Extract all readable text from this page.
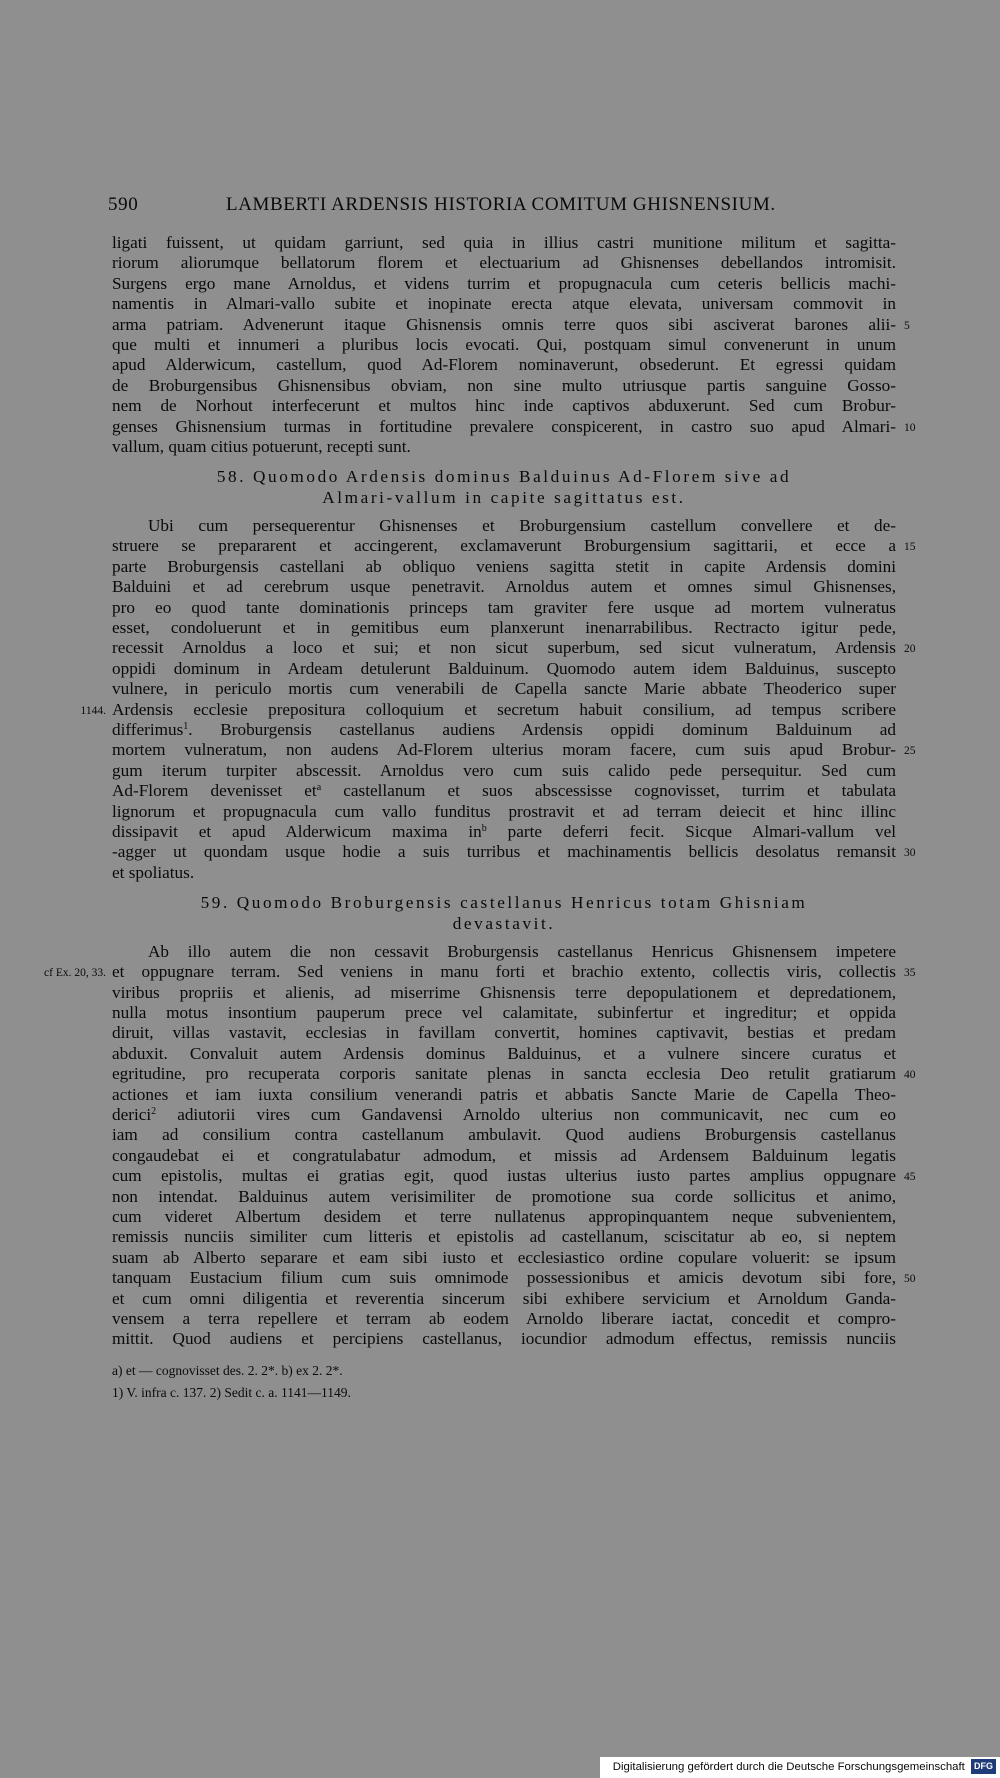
590	LAMBERTI ARDENSIS HISTORIA COMITUM GHISNENSIUM.
ligati fuissent, ut quidam garriunt, sed quia in illius castri munitione militum et sagitta-
riorum aliorumque bellatorum florem et electuarium ad Ghisnenses debellandos intromisit.
Surgens ergo mane Arnoldus, et videns turrim et propugnacula cum ceteris bellicis machi-
namentis in Almari-vallo subite et inopinate erecta atque elevata, universam commovit in
arma patriam. Advenerunt itaque Ghisnensis omnis terre quos sibi asciverat barones alii- 5
que multi et innumeri a pluribus locis evocati. Qui, postquam simul convenerunt in unum
apud Alderwicum, castellum, quod Ad-Florem nominaverunt, obsederunt. Et egressi quidam
de Broburgensibus Ghisnensibus obviam, non sine multo utriusque partis sanguine Gosso-
nem de Norhout interfecerunt et multos hinc inde captivos abduxerunt. Sed cum Brobur-
genses Ghisnensium turmas in fortitudine prevalere conspicerent, in castro suo apud Almari- 10
vallum, quam citius potuerunt, recepti sunt.
58. Quomodo Ardensis dominus Balduinus Ad-Florem sive ad
Almari-vallum in capite sagittatus est.
Ubi cum persequerentur Ghisnenses et Broburgensium castellum convellere et de-
struere se prepararent et accingerent, exclamaverunt Broburgensium sagittarii, et ecce a 15
parte Broburgensis castellani ab obliquo veniens sagitta stetit in capite Ardensis domini
Balduini et ad cerebrum usque penetravit. Arnoldus autem et omnes simul Ghisnenses,
pro eo quod tante dominationis princeps tam graviter fere usque ad mortem vulneratus
esset, condoluerunt et in gemitibus eum planxerunt inenarrabilibus. Rectracto igitur pede,
recessit Arnoldus a loco et sui; et non sicut superbum, sed sicut vulneratum, Ardensis 20
oppidi dominum in Ardeam detulerunt Balduinum. Quomodo autem idem Balduinus, suscepto
vulnere, in periculo mortis cum venerabili de Capella sancte Marie abbate Theoderico super
Ardensis ecclesie prepositura colloquium et secretum habuit consilium, ad tempus scribere
1144.
differimus$^1$. Broburgensis castellanus audiens Ardensis oppidi dominum Balduinum ad
mortem vulneratum, non audens Ad-Florem ulterius moram facere, cum suis apud Brobur- 25
gum iterum turpiter abscessit. Arnoldus vero cum suis calido pede persequitur. Sed cum
Ad-Florem devenisset $et^a$ castellanum et suos abscessisse cognovisset, turrim et tabulata
lignorum et propugnacula cum vallo funditus prostravit et ad terram deiecit et hinc illinc
dissipavit et apud Alderwicum maxima $in^b$ parte deferri fecit. Sicque Almari-vallum vel
-agger ut quondam usque hodie a suis turribus et machinamentis bellicis desolatus remansit 30
et spoliatus.
59. Quomodo Broburgensis castellanus Henricus totam Ghisniam
devastavit.
Ab illo autem die non cessavit Broburgensis castellanus Henricus Ghisnensem impetere
et oppugnare terram. Sed veniens in manu forti et brachio extento, collectis viris, collectis 35
cf Ex. 20, 33.
viribus propriis et alienis, ad miserrime Ghisnensis terre depopulationem et depredationem,
nulla motus insontium pauperum prece vel calamitate, subinfertur et ingreditur; et oppida
diruit, villas vastavit, ecclesias in favillam convertit, homines captivavit, bestias et predam
abduxit. Convaluit autem Ardensis dominus Balduinus, et a vulnere sincere curatus et
egritudine, pro recuperata corporis sanitate plenas in sancta ecclesia Deo retulit gratiarum 40
actiones et iam iuxta consilium venerandi patris et abbatis Sancte Marie de Capella Theo-
derici$^2$ adiutorii vires cum Gandavensi Arnoldo ulterius non communicavit, nec cum eo
iam ad consilium contra castellanum ambulavit. Quod audiens Broburgensis castellanus
congaudebat ei et congratulabatur admodum, et missis ad Ardensem Balduinum legatis
cum epistolis, multas ei gratias egit, quod iustas ulterius iusto partes amplius oppugnare 45
non intendat. Balduinus autem verisimiliter de promotione sua corde sollicitus et animo,
cum videret Albertum desidem et terre nullatenus appropinquantem neque subvenientem,
remissis nunciis similiter cum litteris et epistolis ad castellanum, sciscitatur ab eo, si neptem
suam ab Alberto separare et eam sibi iusto et ecclesiastico ordine copulare voluerit: se ipsum
tanquam Eustacium filium cum suis omnimode possessionibus et amicis devotum sibi fore, 50
et cum omni diligentia et reverentia sincerum sibi exhibere servicium et Arnoldum Ganda-
vensem a terra repellere et terram ab eodem Arnoldo liberare iactat, concedit et compro-
mittit. Quod audiens et percipiens castellanus, iocundior admodum effectus, remissis nunciis
a) et — cognovisset des. 2. 2*. b) ex 2. 2*.
1) V. infra c. 137. 2) Sedit c. a. 1141—1149.
Digitalisierung gefördert durch die Deutsche Forschungsgemeinschaft DFG
